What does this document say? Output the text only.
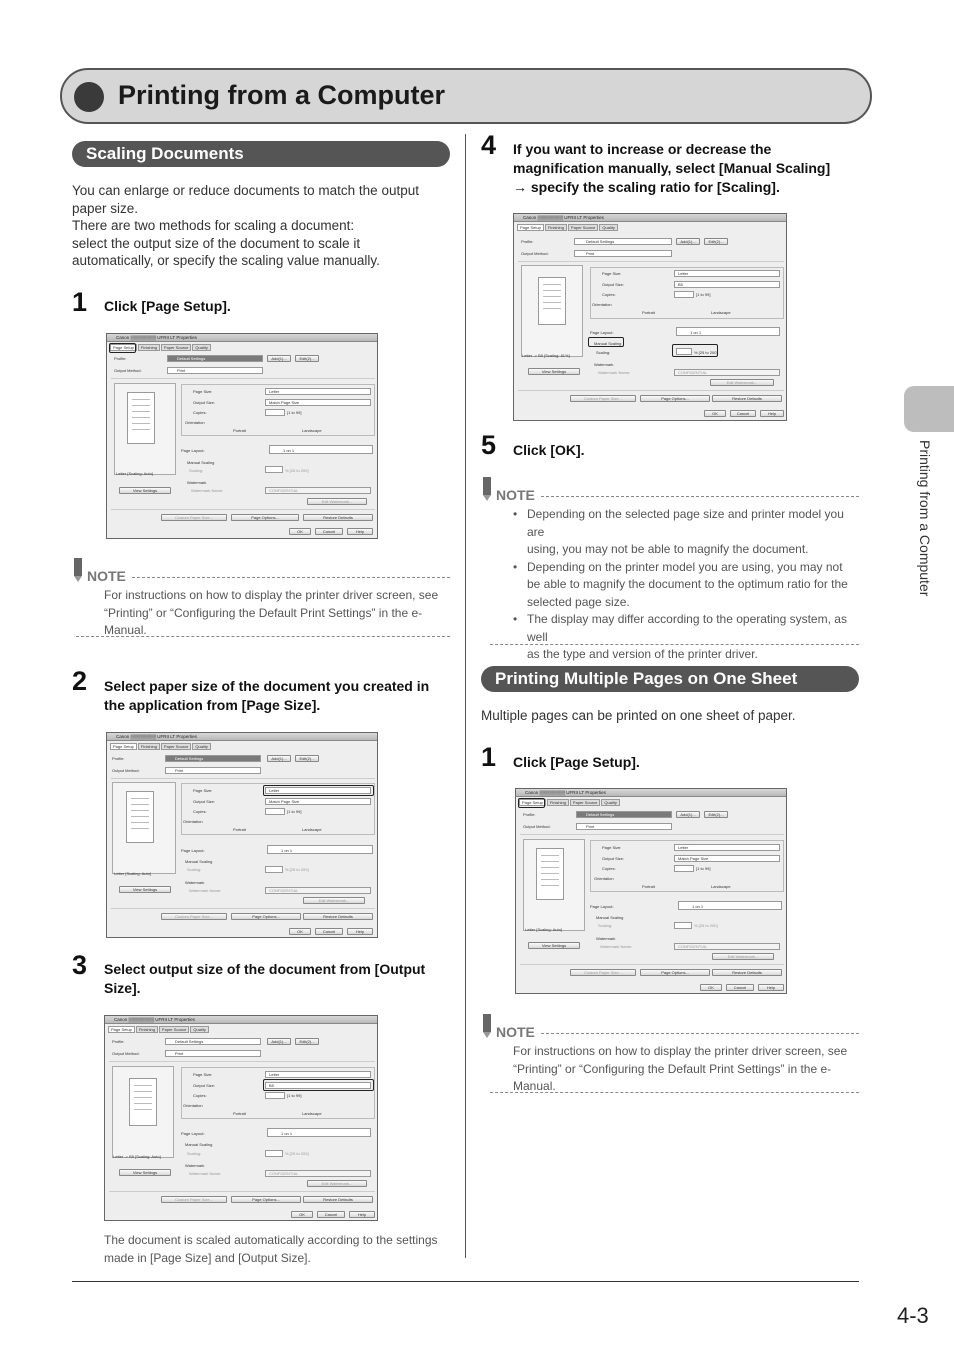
Printing from a Computer
Printing from a Computer
Scaling Documents
You can enlarge or reduce documents to match the output
paper size.
There are two methods for scaling a document:
select the output size of the document to scale it
automatically, or specify the scaling value manually.
1 Click [Page Setup].
Canon ▒▒▒▒▒▒▒▒ UFRII LT Properties
Page Setup Finishing Paper Source Quality
Profile:	Default Settings	Add(1)...	Edit(2)...
Output Method:	Print
Letter [Scaling: Auto]
View Settings
Page Size:	Letter
Output Size:	Match Page Size
Copies:	[1 to 99]
Orientation
Portrait	Landscape
Page Layout:	1 on 1
Manual Scaling
Scaling:	% [25 to 200]
Watermark
Watermark Name:	CONFIDENTIAL
Edit Watermark...
Custom Paper Size...	Page Options...	Restore Defaults
OK	Cancel	Help
NOTE
For instructions on how to display the printer driver screen, see
“Printing” or “Configuring the Default Print Settings” in the e-Manual.
2 Select paper size of the document you created in
the application from [Page Size].
Canon ▒▒▒▒▒▒▒▒ UFRII LT Properties
Page Setup Finishing Paper Source Quality
Profile:	Default Settings	Add(1)...	Edit(2)...
Output Method:	Print
Letter [Scaling: Auto]
View Settings
Page Size:	Letter
Output Size:	Match Page Size
Copies:	[1 to 99]
Orientation
Portrait	Landscape
Page Layout:	1 on 1
Manual Scaling
Scaling:	% [25 to 200]
Watermark
Watermark Name:	CONFIDENTIAL
Edit Watermark...
Custom Paper Size...	Page Options...	Restore Defaults
OK	Cancel	Help
3 Select output size of the document from [Output
Size].
Canon ▒▒▒▒▒▒▒▒ UFRII LT Properties
Page Setup Finishing Paper Source Quality
Profile:	Default Settings	Add(1)...	Edit(2)...
Output Method:	Print
Letter -> B5 [Scaling: Auto]
View Settings
Page Size:	Letter
Output Size:	B5
Copies:	[1 to 99]
Orientation
Portrait	Landscape
Page Layout:	1 on 1
Manual Scaling
Scaling:	% [25 to 200]
Watermark
Watermark Name:	CONFIDENTIAL
Edit Watermark...
Custom Paper Size...	Page Options...	Restore Defaults
OK	Cancel	Help
The document is scaled automatically according to the settings
made in [Page Size] and [Output Size].
4 If you want to increase or decrease the
magnification manually, select [Manual Scaling]
→ specify the scaling ratio for [Scaling].
Canon ▒▒▒▒▒▒▒▒ UFRII LT Properties
Page Setup Finishing Paper Source Quality
Profile:	Default Settings	Add(1)...	Edit(2)...
Output Method:	Print
Letter -> B5 [Scaling: 81%]
View Settings
Page Size:	Letter
Output Size:	B5
Copies:	[1 to 99]
Orientation
Portrait	Landscape
Page Layout:	1 on 1
Manual Scaling
Scaling:	% [25 to 200]
Watermark
Watermark Name:	CONFIDENTIAL
Edit Watermark...
Custom Paper Size...	Page Options...	Restore Defaults
OK	Cancel	Help
5 Click [OK].
NOTE
• Depending on the selected page size and printer model you are
using, you may not be able to magnify the document.
• Depending on the printer model you are using, you may not
be able to magnify the document to the optimum ratio for the
selected page size.
• The display may differ according to the operating system, as well
as the type and version of the printer driver.
Printing Multiple Pages on One Sheet
Multiple pages can be printed on one sheet of paper.
1 Click [Page Setup].
Canon ▒▒▒▒▒▒▒▒ UFRII LT Properties
Page Setup Finishing Paper Source Quality
Profile:	Default Settings	Add(1)...	Edit(2)...
Output Method:	Print
Letter [Scaling: Auto]
View Settings
Page Size:	Letter
Output Size:	Match Page Size
Copies:	[1 to 99]
Orientation
Portrait	Landscape
Page Layout:	1 on 1
Manual Scaling
Scaling:	% [25 to 200]
Watermark
Watermark Name:	CONFIDENTIAL
Edit Watermark...
Custom Paper Size...	Page Options...	Restore Defaults
OK	Cancel	Help
NOTE
For instructions on how to display the printer driver screen, see
“Printing” or “Configuring the Default Print Settings” in the e-Manual.
4-3
